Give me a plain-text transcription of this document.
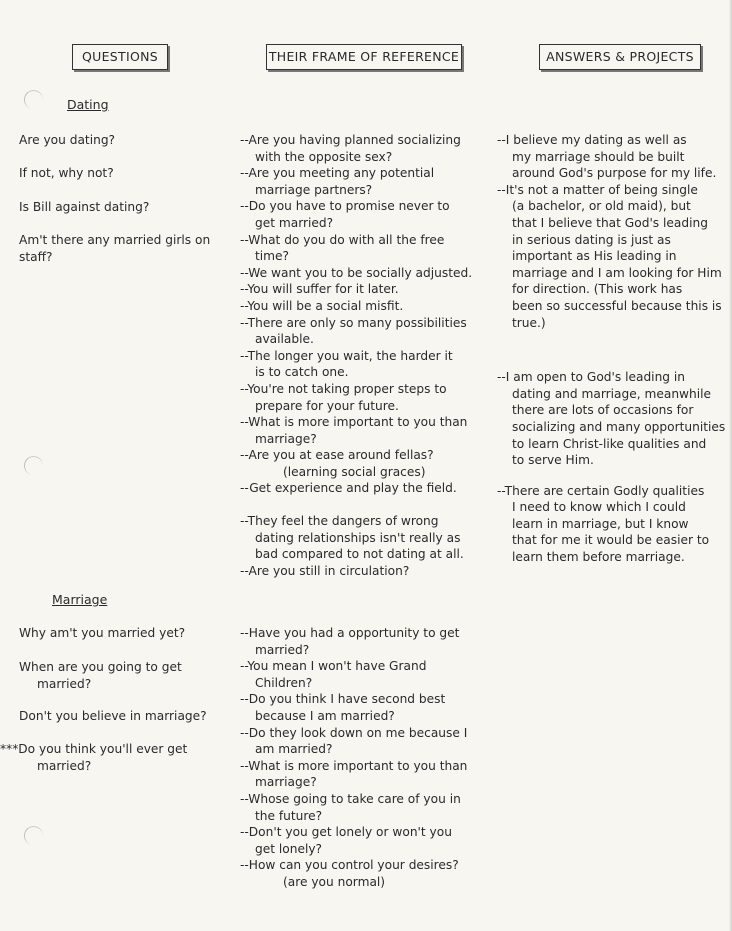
QUESTIONS	THEIR FRAME OF REFERENCE	ANSWERS & PROJECTS
Dating
Are you dating?
If not, why not?
Is Bill against dating?
Am't there any married girls on
staff?
--Are you having planned socializing
with the opposite sex?
--Are you meeting any potential
marriage partners?
--Do you have to promise never to
get married?
--What do you do with all the free
time?
--We want you to be socially adjusted.
--You will suffer for it later.
--You will be a social misfit.
--There are only so many possibilities
available.
--The longer you wait, the harder it
is to catch one.
--You're not taking proper steps to
prepare for your future.
--What is more important to you than
marriage?
--Are you at ease around fellas?
(learning social graces)
--Get experience and play the field.
--They feel the dangers of wrong
dating relationships isn't really as
bad compared to not dating at all.
--Are you still in circulation?
--I believe my dating as well as
my marriage should be built
around God's purpose for my life.
--It's not a matter of being single
(a bachelor, or old maid), but
that I believe that God's leading
in serious dating is just as
important as His leading in
marriage and I am looking for Him
for direction. (This work has
been so successful because this is
true.)
--I am open to God's leading in
dating and marriage, meanwhile
there are lots of occasions for
socializing and many opportunities
to learn Christ-like qualities and
to serve Him.
--There are certain Godly qualities
I need to know which I could
learn in marriage, but I know
that for me it would be easier to
learn them before marriage.
Marriage
Why am't you married yet?
When are you going to get
married?
Don't you believe in marriage?
***Do you think you'll ever get
married?
--Have you had a opportunity to get
married?
--You mean I won't have Grand
Children?
--Do you think I have second best
because I am married?
--Do they look down on me because I
am married?
--What is more important to you than
marriage?
--Whose going to take care of you in
the future?
--Don't you get lonely or won't you
get lonely?
--How can you control your desires?
(are you normal)
